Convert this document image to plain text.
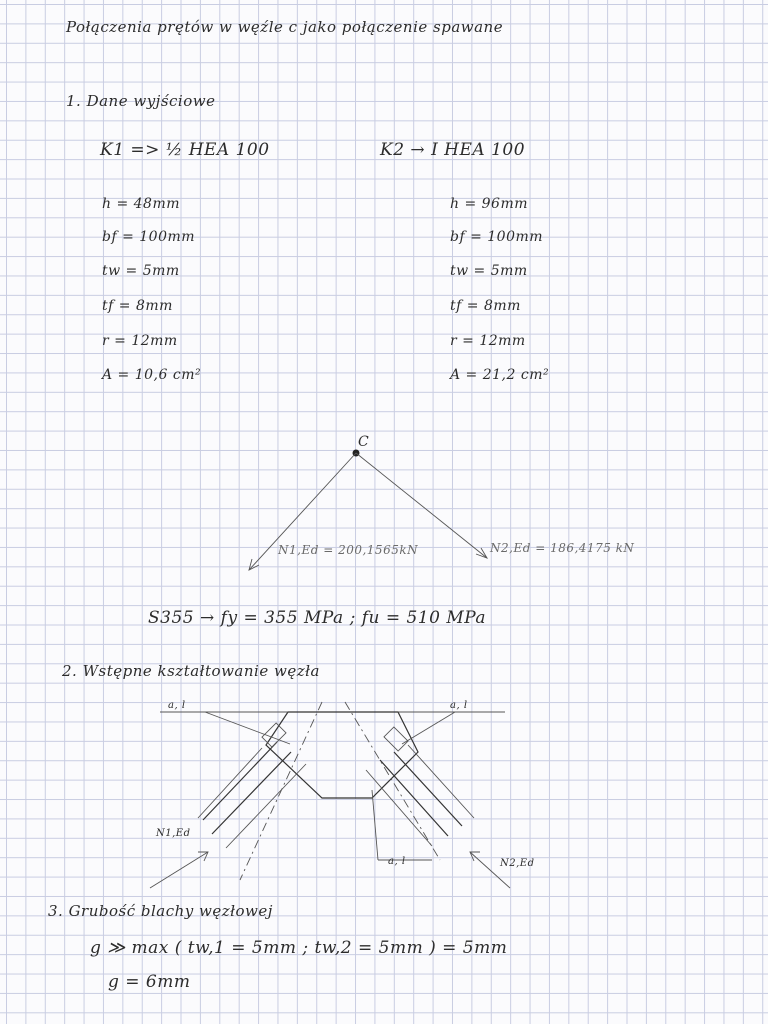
Połączenia prętów w węźle c jako połączenie spawane
1. Dane wyjściowe
K1 => ½ HEA 100
h = 48mm
bf = 100mm
tw = 5mm
tf = 8mm
r = 12mm
A = 10,6 cm²
K2 → I HEA 100
h = 96mm
bf = 100mm
tw = 5mm
tf = 8mm
r = 12mm
A = 21,2 cm²
C
N1,Ed = 200,1565kN	N2,Ed = 186,4175 kN
S355 → fy = 355 MPa ; fu = 510 MPa
2. Wstępne kształtowanie węzła
a, l	a, l
a, l
N1,Ed
N2,Ed
3. Grubość blachy węzłowej
g ≫ max ( tw,1 = 5mm ; tw,2 = 5mm ) = 5mm
g = 6mm
